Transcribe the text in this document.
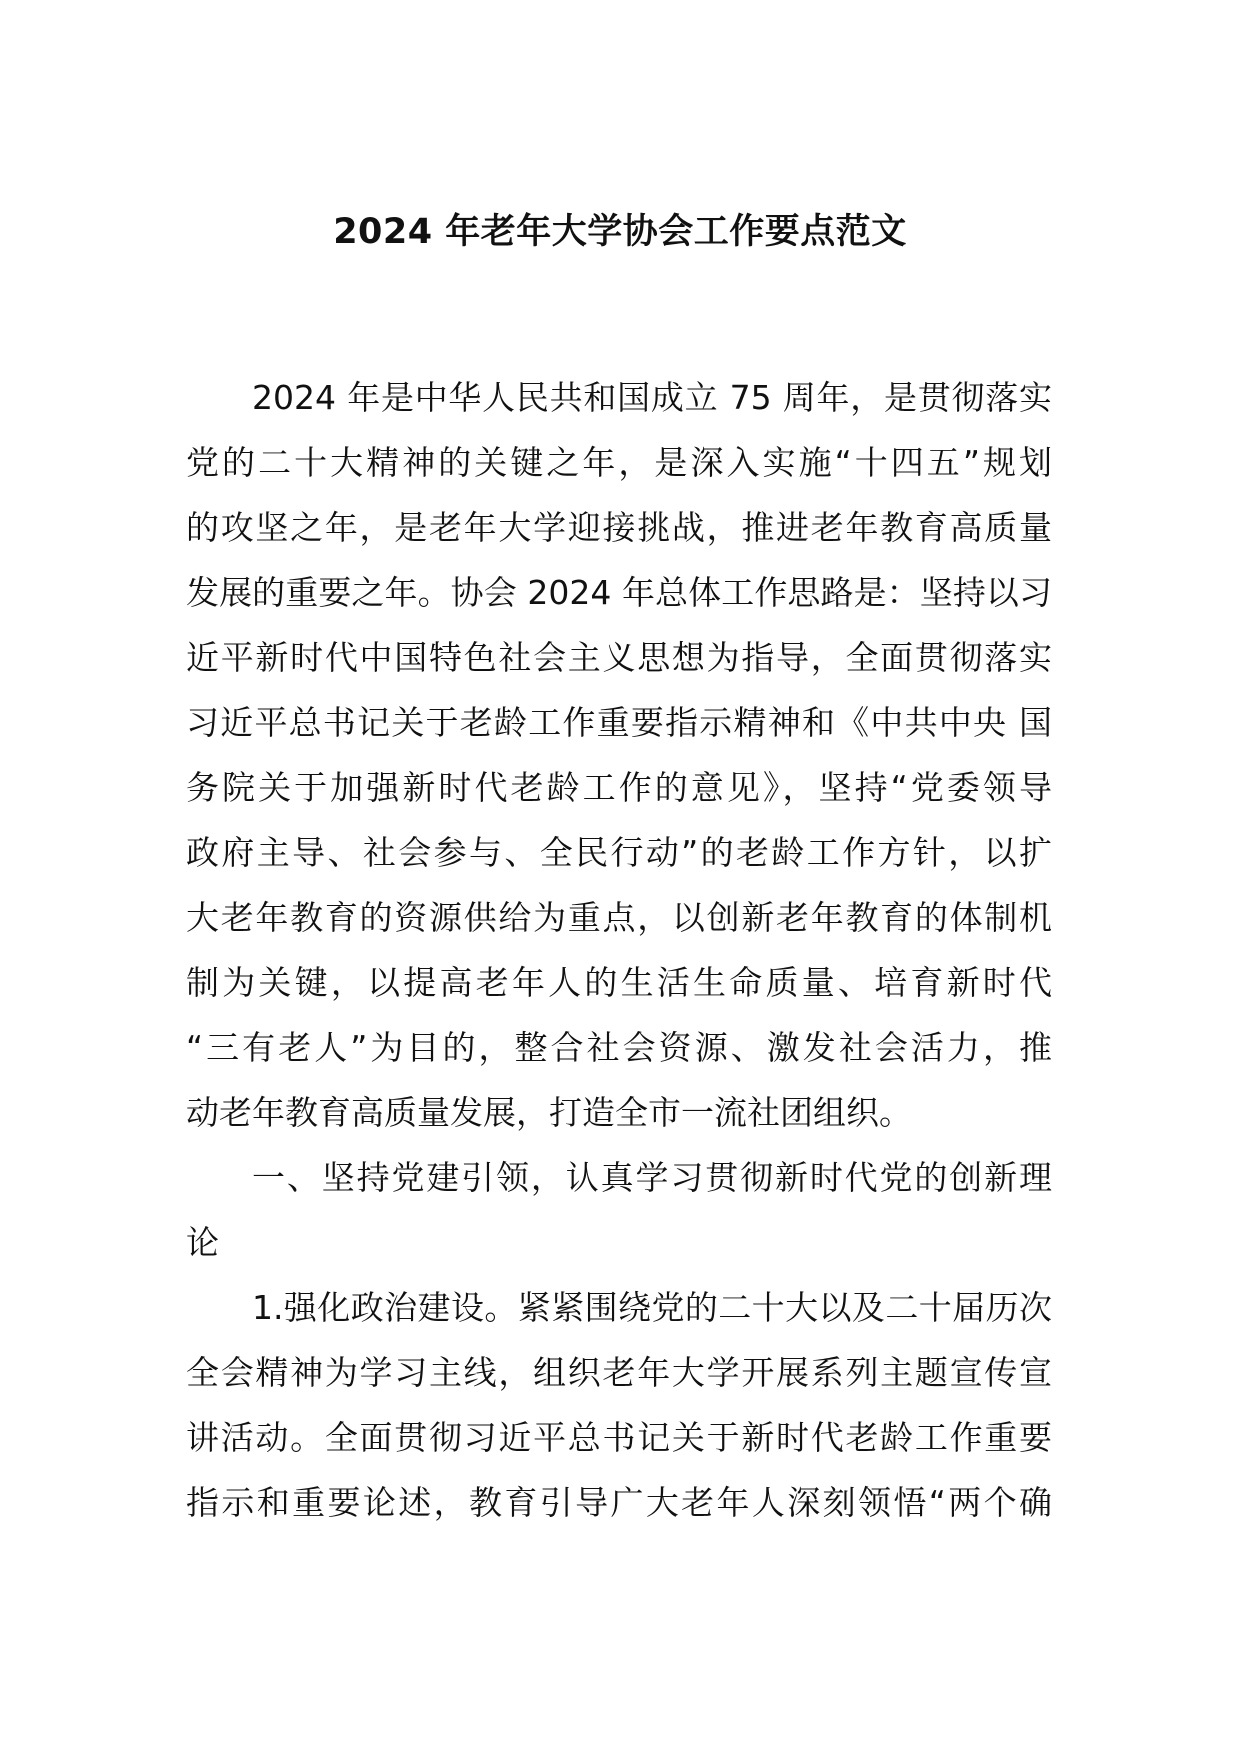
2024 年老年大学协会工作要点范文
2024 年是中华人民共和国成立 75 周年，是贯彻落实
党的二十大精神的关键之年，是深入实施“十四五”规划
的攻坚之年，是老年大学迎接挑战，推进老年教育高质量
发展的重要之年。协会 2024 年总体工作思路是：坚持以习
近平新时代中国特色社会主义思想为指导，全面贯彻落实
习近平总书记关于老龄工作重要指示精神和《中共中央 国
务院关于加强新时代老龄工作的意见》，坚持“党委领导
政府主导、社会参与、全民行动”的老龄工作方针，以扩
大老年教育的资源供给为重点，以创新老年教育的体制机
制为关键，以提高老年人的生活生命质量、培育新时代
“三有老人”为目的，整合社会资源、激发社会活力，推
动老年教育高质量发展，打造全市一流社团组织。
一、坚持党建引领，认真学习贯彻新时代党的创新理
论
1.强化政治建设。紧紧围绕党的二十大以及二十届历次
全会精神为学习主线，组织老年大学开展系列主题宣传宣
讲活动。全面贯彻习近平总书记关于新时代老龄工作重要
指示和重要论述，教育引导广大老年人深刻领悟“两个确
